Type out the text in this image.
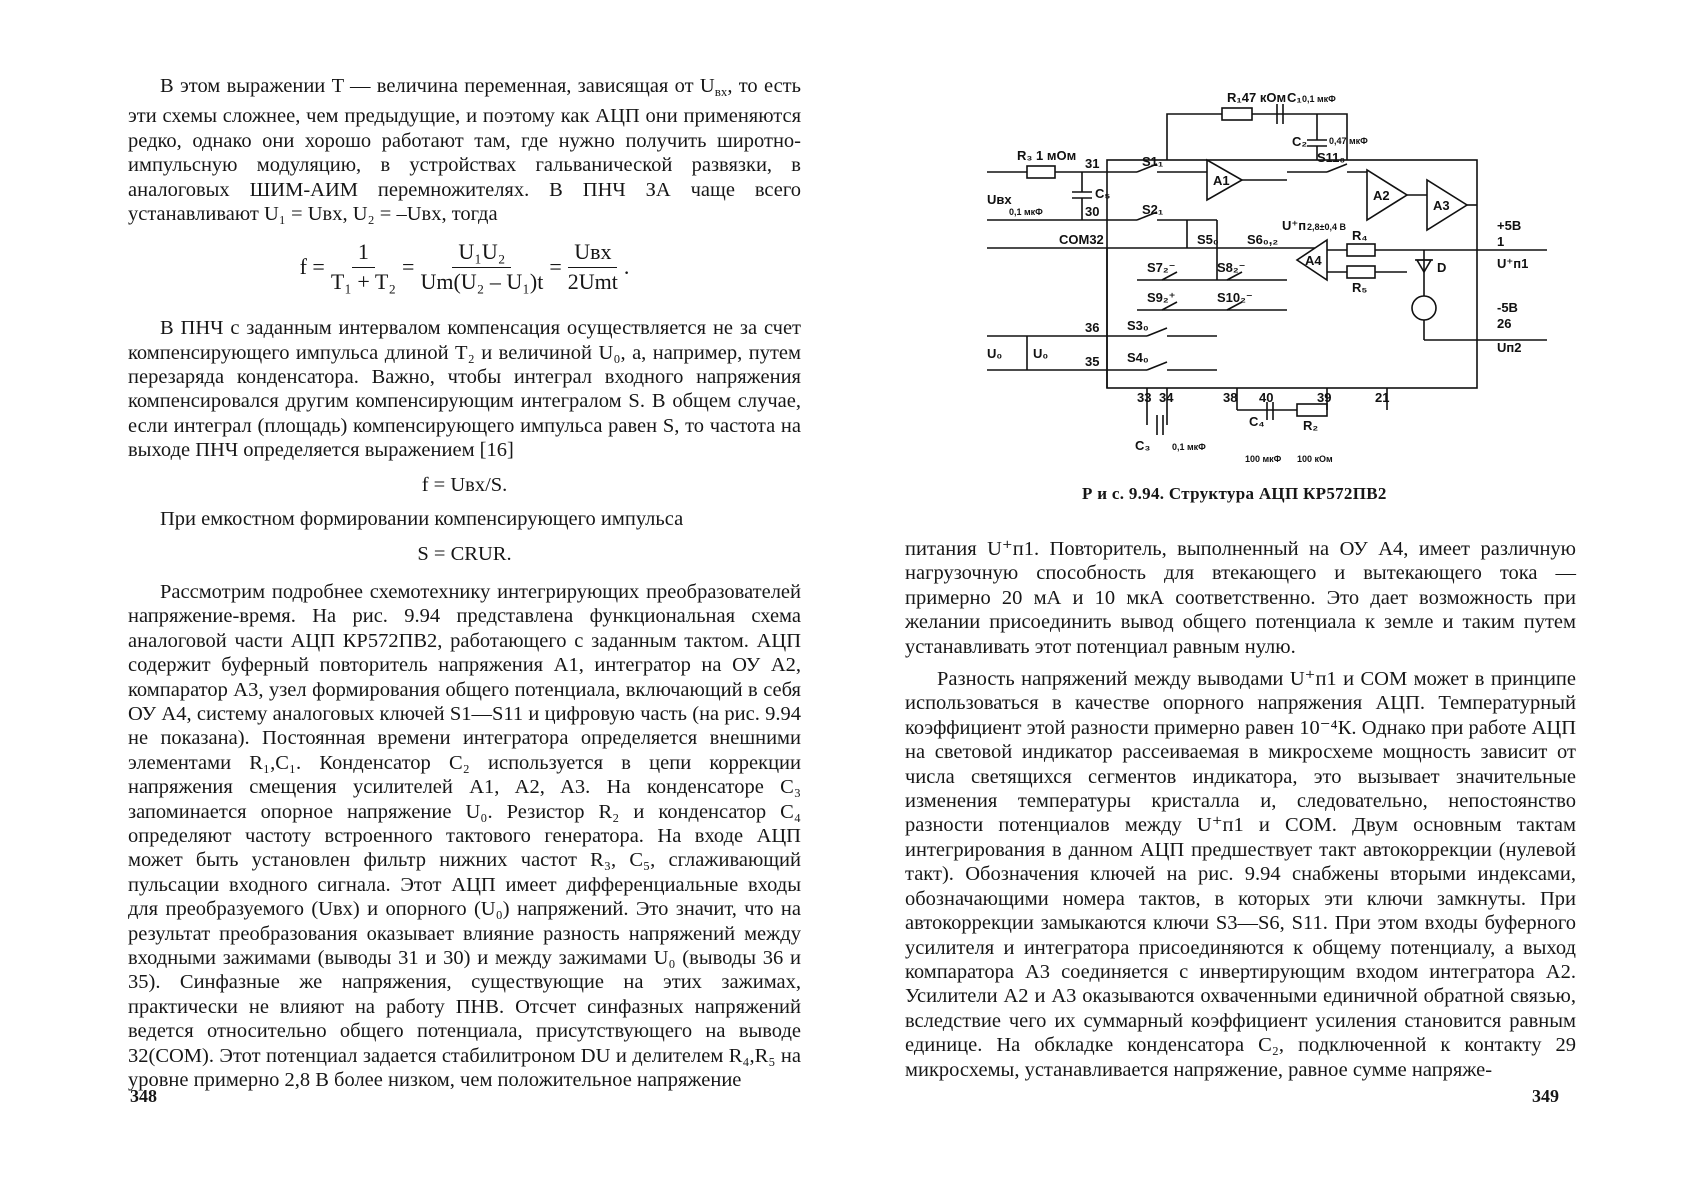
В этом выражении T — величина переменная, зависящая от $U_{вх}$, то есть эти схемы сложнее, чем предыдущие, и поэтому как АЦП они применяются редко, однако они хорошо работают там, где нужно получить широтно-импульсную модуляцию, в устройствах гальванической развязки, в аналоговых ШИМ-АИМ перемножителях. В ПНЧ ЗА чаще всего устанавливают U₁ = Uвх, U₂ = –Uвх, тогда

$f = \frac{1}{\text{T₁ + T₂}} = \frac{\text{U₁U₂}}{\text{Um(U₂ – U₁)t}} = \frac{\text{Uвх}}{\text{2Umt}}$ .

В ПНЧ с заданным интервалом компенсация осуществляется не за счет компенсирующего импульса длиной T₂ и величиной U₀, а, например, путем перезаряда конденсатора. Важно, чтобы интеграл входного напряжения компенсировался другим компенсирующим интегралом S. В общем случае, если интеграл (площадь) компенсирующего импульса равен S, то частота на выходе ПНЧ определяется выражением [16]

f = Uвх/S.

При емкостном формировании компенсирующего импульса

S = CRUR.

Рассмотрим подробнее схемотехнику интегрирующих преобразователей напряжение-время. На рис. 9.94 представлена функциональная схема аналоговой части АЦП КР572ПВ2, работающего с заданным тактом. АЦП содержит буферный повторитель напряжения A1, интегратор на ОУ A2, компаратор A3, узел формирования общего потенциала, включающий в себя ОУ A4, систему аналоговых ключей S1—S11 и цифровую часть (на рис. 9.94 не показана). Постоянная времени интегратора определяется внешними элементами R₁,C₁. Конденсатор C₂ используется в цепи коррекции напряжения смещения усилителей A1, A2, A3. На конденсаторе C₃ запоминается опорное напряжение U₀. Резистор R₂ и конденсатор C₄ определяют частоту встроенного тактового генератора. На входе АЦП может быть установлен фильтр нижних частот R₃, C₅, сглаживающий пульсации входного сигнала. Этот АЦП имеет дифференциальные входы для преобразуемого (Uвх) и опорного (U₀) напряжений. Это значит, что на результат преобразования оказывает влияние разность напряжений между входными зажимами (выводы 31 и 30) и между зажимами U₀ (выводы 36 и 35). Синфазные же напряжения, существующие на этих зажимах, практически не влияют на работу ПНВ. Отсчет синфазных напряжений ведется относительно общего потенциала, присутствующего на выводе 32(COM). Этот потенциал задается стабилитроном DU и делителем R₄,R₅ на уровне примерно 2,8 В более низком, чем положительное напряжение

348
R₁47 кОм C₁ 0,1 мкФ
C₂ 0,47 мкФ
R₃ 1 мОм
C₅
0,1 мкФ
Uвх
31
30
COM32
36
35
33 34	38 40	39	21
S1₁
S2₁
S11₀
S5₀ S6₀,₂
S7₂⁻	S8₂⁻
S9₂⁺	S10₂⁻
S3₀
S4₀
A1
A2
A3
A4
U⁺п 2,8±0,4 В
R₄
R₅
D
+5В
1
U⁺п1
-5В
26
Uп2
U₀ U₀
C₃ 0,1 мкФ
C₄
100 мкФ
R₂
100 кОм
Р и с. 9.94. Структура АЦП КР572ПВ2

питания U⁺п1. Повторитель, выполненный на ОУ A4, имеет различную нагрузочную способность для втекающего и вытекающего тока — примерно 20 мА и 10 мкА соответственно. Это дает возможность при желании присоединить вывод общего потенциала к земле и таким путем устанавливать этот потенциал равным нулю.

Разность напряжений между выводами U⁺п1 и COM может в принципе использоваться в качестве опорного напряжения АЦП. Температурный коэффициент этой разности примерно равен 10⁻⁴К. Однако при работе АЦП на световой индикатор рассеиваемая в микросхеме мощность зависит от числа светящихся сегментов индикатора, это вызывает значительные изменения температуры кристалла и, следовательно, непостоянство разности потенциалов между U⁺п1 и COM. Двум основным тактам интегрирования в данном АЦП предшествует такт автокоррекции (нулевой такт). Обозначения ключей на рис. 9.94 снабжены вторыми индексами, обозначающими номера тактов, в которых эти ключи замкнуты. При автокоррекции замыкаются ключи S3—S6, S11. При этом входы буферного усилителя и интегратора присоединяются к общему потенциалу, а выход компаратора A3 соединяется с инвертирующим входом интегратора A2. Усилители A2 и A3 оказываются охваченными единичной обратной связью, вследствие чего их суммарный коэффициент усиления становится равным единице. На обкладке конденсатора C₂, подключенной к контакту 29 микросхемы, устанавливается напряжение, равное сумме напряже-

349
